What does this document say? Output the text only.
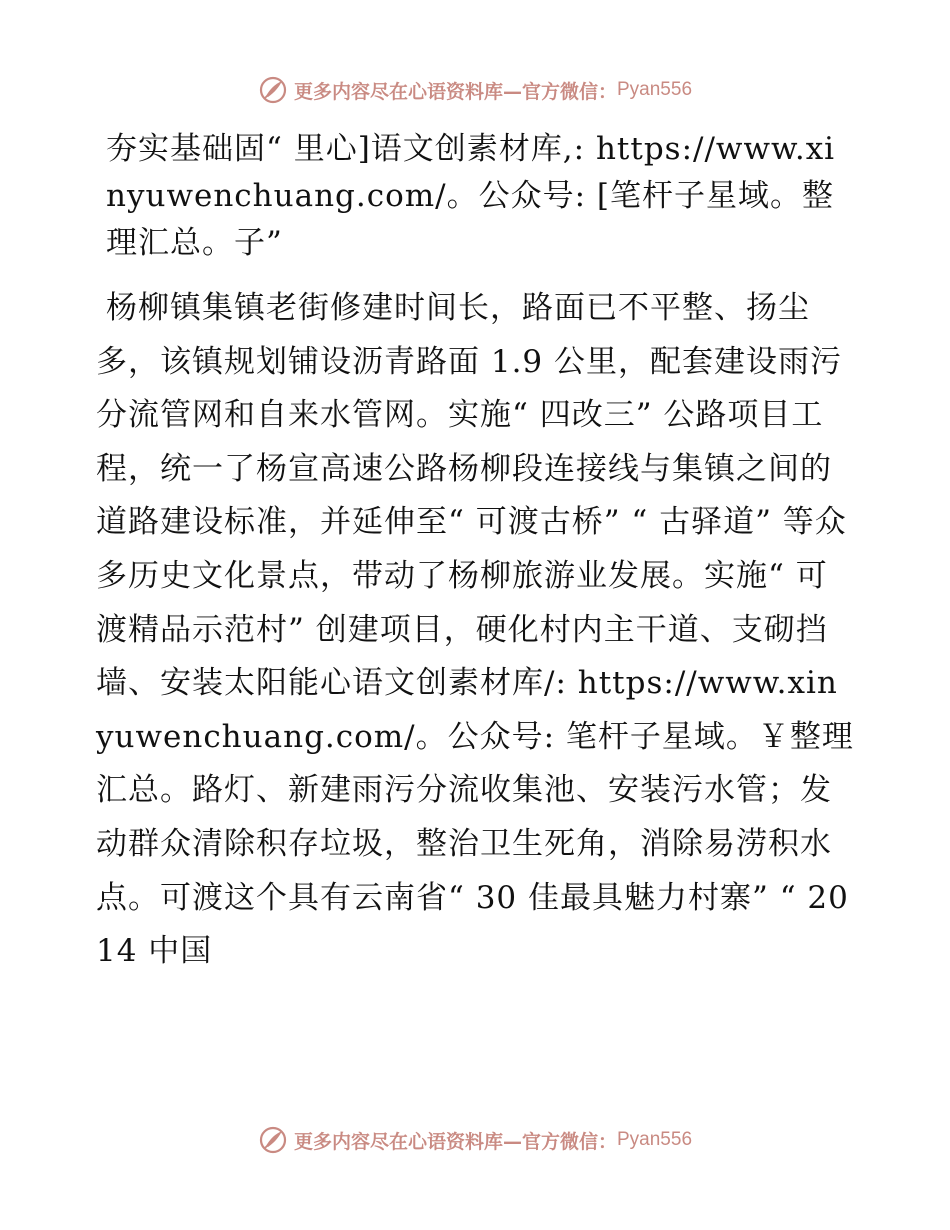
更多内容尽在心语资料库—官方微信： Pyan556

夯实基础固“ 里心]语文创素材库,: https://www.xinyuwenchuang.com/。公众号: [笔杆子星域。整理汇总。子”

杨柳镇集镇老街修建时间长，路面已不平整、扬尘多，该镇规划铺设沥青路面 1.9 公里，配套建设雨污分流管网和自来水管网。实施“ 四改三” 公路项目工程，统一了杨宣高速公路杨柳段连接线与集镇之间的道路建设标准，并延伸至“ 可渡古桥” “ 古驿道” 等众多历史文化景点，带动了杨柳旅游业发展。实施“ 可渡精品示范村” 创建项目，硬化村内主干道、支砌挡墙、安装太阳能心语文创素材库/: https://www.xinyuwenchuang.com/。公众号: 笔杆子星域。￥整理汇总。路灯、新建雨污分流收集池、安装污水管；发动群众清除积存垃圾，整治卫生死角，消除易涝积水点。可渡这个具有云南省“ 30 佳最具魅力村寨” “ 2014 中国

更多内容尽在心语资料库—官方微信： Pyan556
